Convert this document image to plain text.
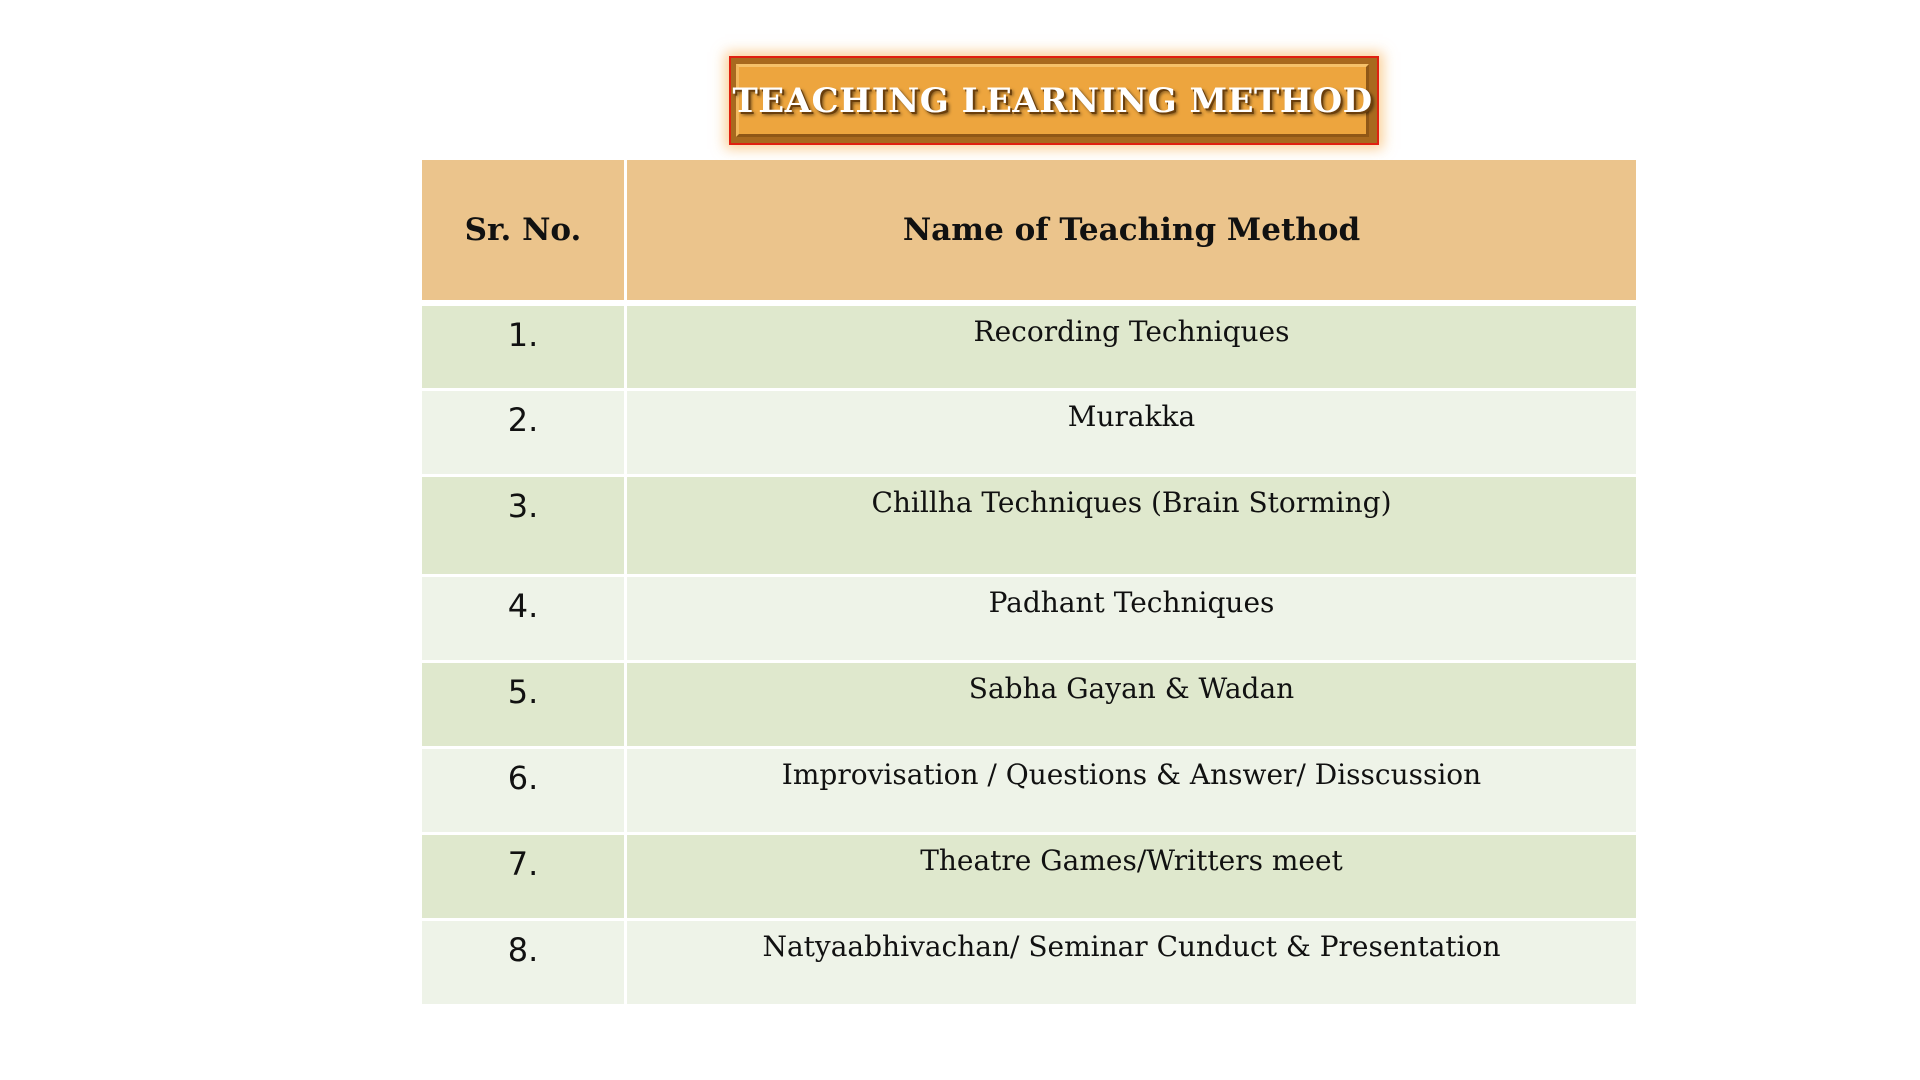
TEACHING LEARNING METHOD
Sr. No.	Name of Teaching Method
1.	Recording Techniques
2.	Murakka
3.	Chillha Techniques (Brain Storming)
4.	Padhant Techniques
5.	Sabha Gayan & Wadan
6.	Improvisation / Questions & Answer/ Disscussion
7.	Theatre Games/Writters meet
8.	Natyaabhivachan/ Seminar Cunduct & Presentation
